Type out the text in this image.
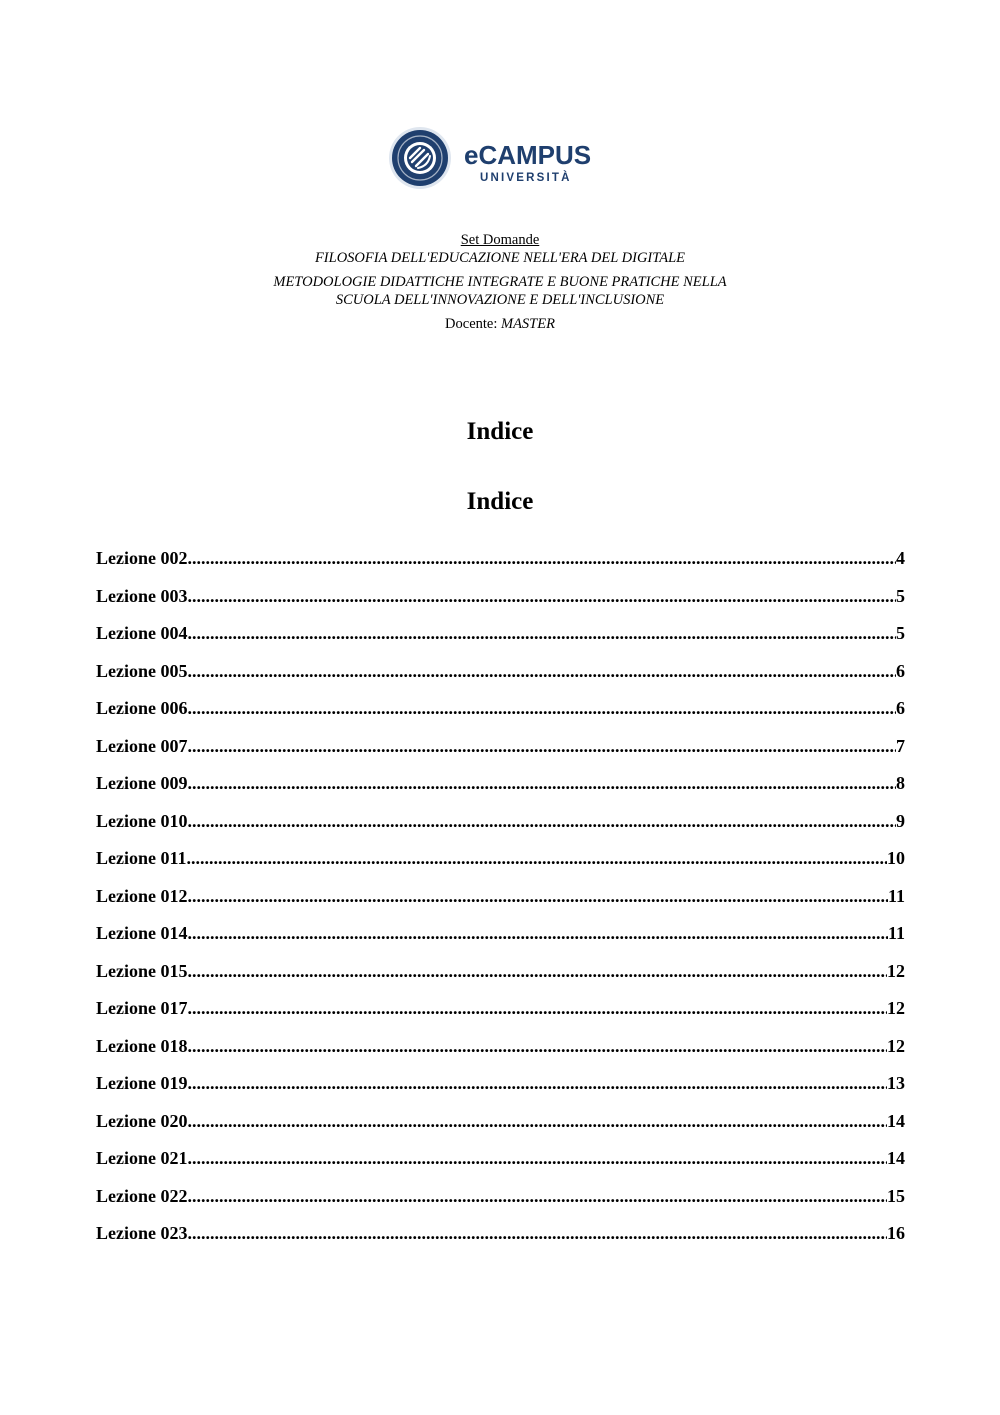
eCAMPUS
UNIVERSITÀ
Set Domande
FILOSOFIA DELL'EDUCAZIONE NELL'ERA DEL DIGITALE
METODOLOGIE DIDATTICHE INTEGRATE E BUONE PRATICHE NELLA
SCUOLA DELL'INNOVAZIONE E DELL'INCLUSIONE
Docente: MASTER
Indice
Indice
Lezione 002 .....	4
Lezione 003 .....	5
Lezione 004 .....	5
Lezione 005 .....	6
Lezione 006 .....	6
Lezione 007 .....	7
Lezione 009 .....	8
Lezione 010 .....	9
Lezione 011 .....	10
Lezione 012 .....	11
Lezione 014 .....	11
Lezione 015 .....	12
Lezione 017 .....	12
Lezione 018 .....	12
Lezione 019 .....	13
Lezione 020 .....	14
Lezione 021 .....	14
Lezione 022 .....	15
Lezione 023 .....	16
